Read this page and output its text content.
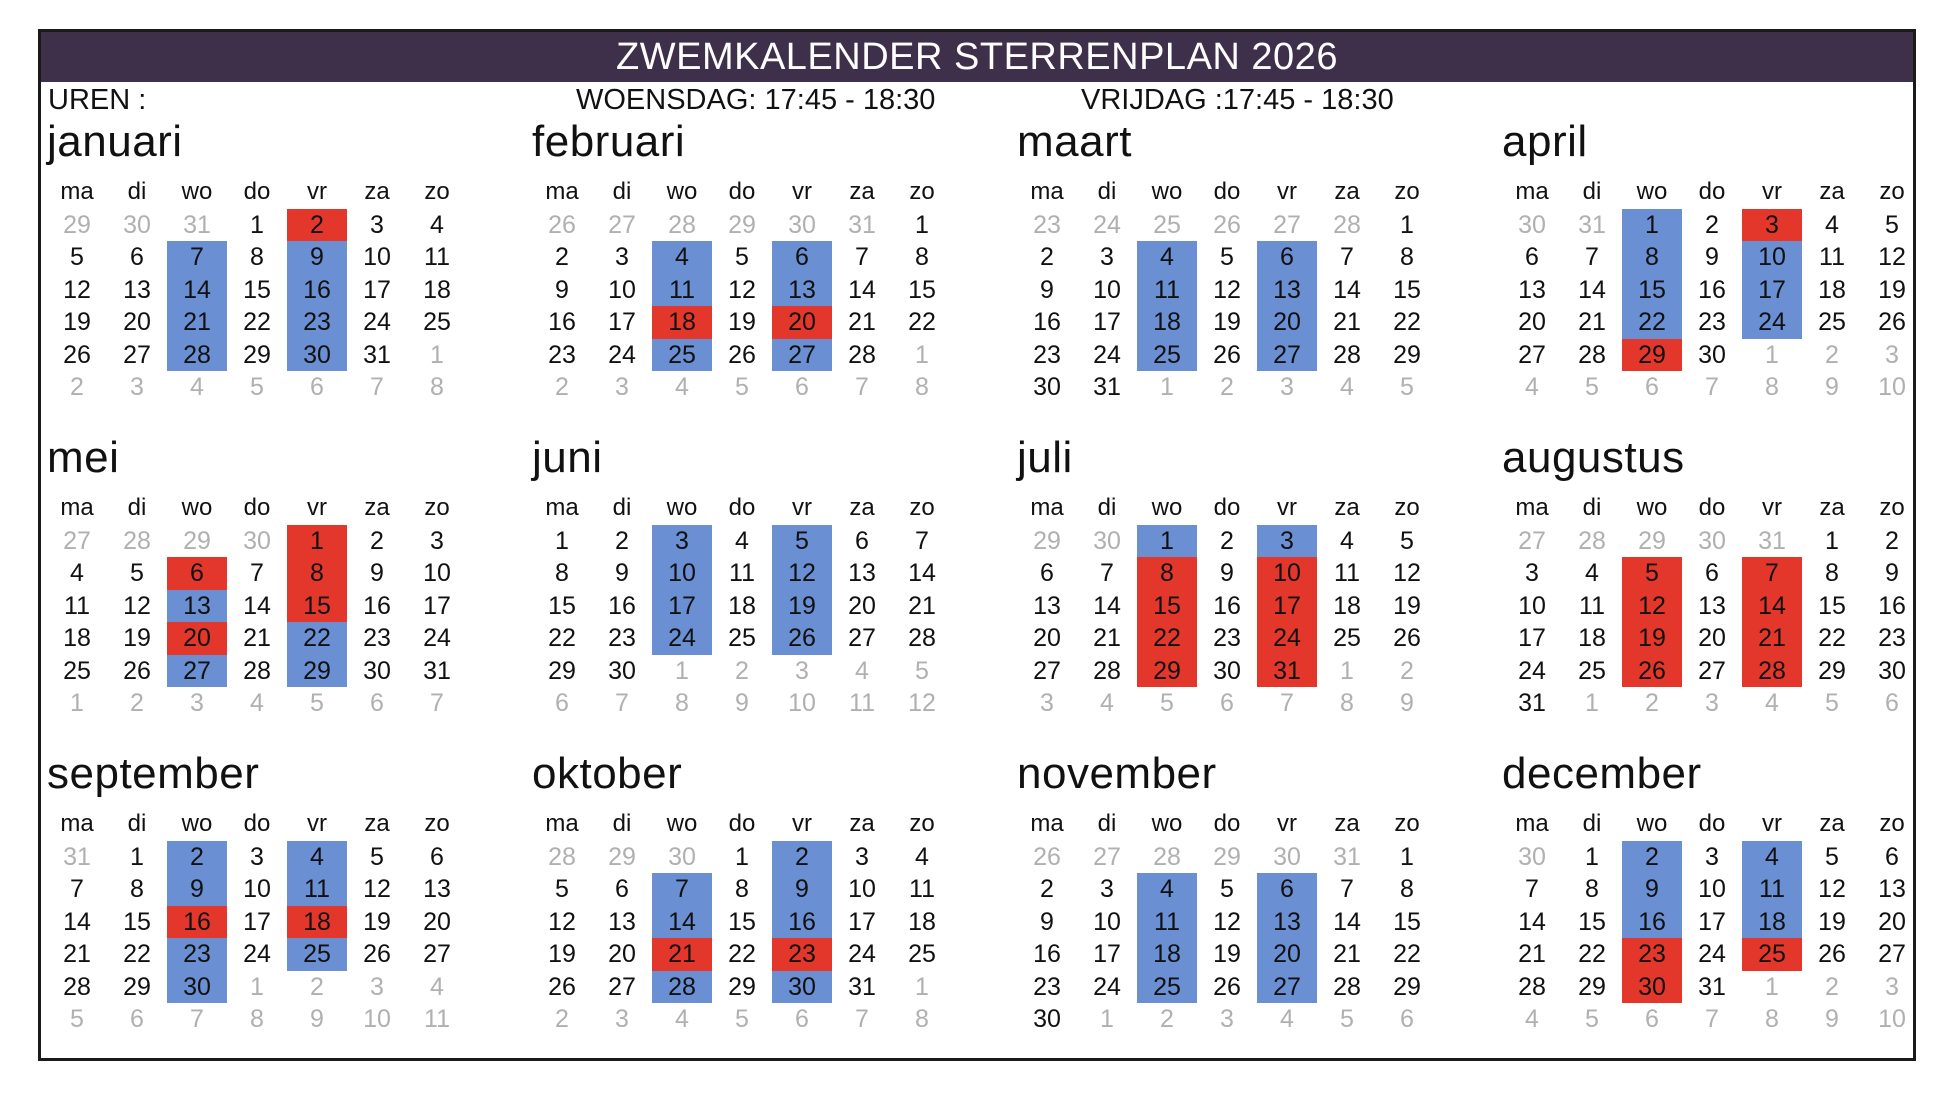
ZWEMKALENDER STERRENPLAN 2026
UREN :	WOENSDAG: 17:45 - 18:30	VRIJDAG :17:45 - 18:30
januari
ma	di	wo	do	vr	za	zo
29	30	31	1	2	3	4
5	6	7	8	9	10	11
12	13	14	15	16	17	18
19	20	21	22	23	24	25
26	27	28	29	30	31	1
2	3	4	5	6	7	8
februari
ma	di	wo	do	vr	za	zo
26	27	28	29	30	31	1
2	3	4	5	6	7	8
9	10	11	12	13	14	15
16	17	18	19	20	21	22
23	24	25	26	27	28	1
2	3	4	5	6	7	8
maart
ma	di	wo	do	vr	za	zo
23	24	25	26	27	28	1
2	3	4	5	6	7	8
9	10	11	12	13	14	15
16	17	18	19	20	21	22
23	24	25	26	27	28	29
30	31	1	2	3	4	5
april
ma	di	wo	do	vr	za	zo
30	31	1	2	3	4	5
6	7	8	9	10	11	12
13	14	15	16	17	18	19
20	21	22	23	24	25	26
27	28	29	30	1	2	3
4	5	6	7	8	9	10
mei
ma	di	wo	do	vr	za	zo
27	28	29	30	1	2	3
4	5	6	7	8	9	10
11	12	13	14	15	16	17
18	19	20	21	22	23	24
25	26	27	28	29	30	31
1	2	3	4	5	6	7
juni
ma	di	wo	do	vr	za	zo
1	2	3	4	5	6	7
8	9	10	11	12	13	14
15	16	17	18	19	20	21
22	23	24	25	26	27	28
29	30	1	2	3	4	5
6	7	8	9	10	11	12
juli
ma	di	wo	do	vr	za	zo
29	30	1	2	3	4	5
6	7	8	9	10	11	12
13	14	15	16	17	18	19
20	21	22	23	24	25	26
27	28	29	30	31	1	2
3	4	5	6	7	8	9
augustus
ma	di	wo	do	vr	za	zo
27	28	29	30	31	1	2
3	4	5	6	7	8	9
10	11	12	13	14	15	16
17	18	19	20	21	22	23
24	25	26	27	28	29	30
31	1	2	3	4	5	6
september
ma	di	wo	do	vr	za	zo
31	1	2	3	4	5	6
7	8	9	10	11	12	13
14	15	16	17	18	19	20
21	22	23	24	25	26	27
28	29	30	1	2	3	4
5	6	7	8	9	10	11
oktober
ma	di	wo	do	vr	za	zo
28	29	30	1	2	3	4
5	6	7	8	9	10	11
12	13	14	15	16	17	18
19	20	21	22	23	24	25
26	27	28	29	30	31	1
2	3	4	5	6	7	8
november
ma	di	wo	do	vr	za	zo
26	27	28	29	30	31	1
2	3	4	5	6	7	8
9	10	11	12	13	14	15
16	17	18	19	20	21	22
23	24	25	26	27	28	29
30	1	2	3	4	5	6
december
ma	di	wo	do	vr	za	zo
30	1	2	3	4	5	6
7	8	9	10	11	12	13
14	15	16	17	18	19	20
21	22	23	24	25	26	27
28	29	30	31	1	2	3
4	5	6	7	8	9	10
